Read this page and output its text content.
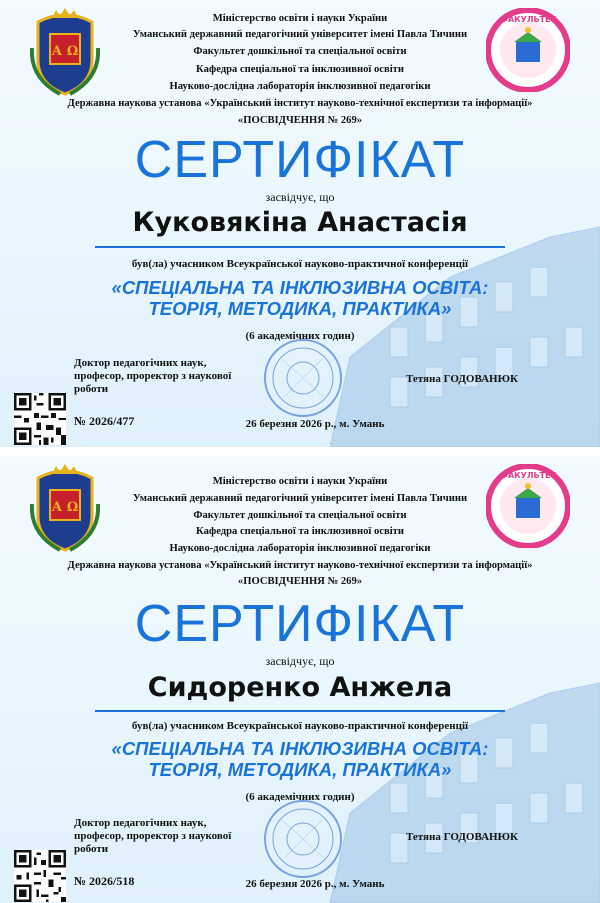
А Ω
ФАКУЛЬТЕТ
Міністерство освіти і науки України
Уманський державний педагогічний університет імені Павла Тичини
Факультет дошкільної та спеціальної освіти
Кафедра спеціальної та інклюзивної освіти
Науково-дослідна лабораторія інклюзивної педагогіки
Державна наукова установа «Український інститут науково-технічної експертизи та інформації»
«ПОСВІДЧЕННЯ № 269»
СЕРТИФІКАТ
засвідчує, що
Куковякіна Анастасія
був(ла) учасником Всеукраїнської науково-практичної конференції
«СПЕЦІАЛЬНА ТА ІНКЛЮЗИВНА ОСВІТА:
ТЕОРІЯ, МЕТОДИКА, ПРАКТИКА»
(6 академічних годин)
Доктор педагогічних наук, професор, проректор з наукової роботи
Тетяна ГОДОВАНЮК
№ 2026/477	26 березня 2026 р., м. Умань
А Ω
ФАКУЛЬТЕТ
Міністерство освіти і науки України
Уманський державний педагогічний університет імені Павла Тичини
Факультет дошкільної та спеціальної освіти
Кафедра спеціальної та інклюзивної освіти
Науково-дослідна лабораторія інклюзивної педагогіки
Державна наукова установа «Український інститут науково-технічної експертизи та інформації»
«ПОСВІДЧЕННЯ № 269»
СЕРТИФІКАТ
засвідчує, що
Сидоренко Анжела
був(ла) учасником Всеукраїнської науково-практичної конференції
«СПЕЦІАЛЬНА ТА ІНКЛЮЗИВНА ОСВІТА:
ТЕОРІЯ, МЕТОДИКА, ПРАКТИКА»
(6 академічних годин)
Доктор педагогічних наук, професор, проректор з наукової роботи
Тетяна ГОДОВАНЮК
№ 2026/518	26 березня 2026 р., м. Умань
